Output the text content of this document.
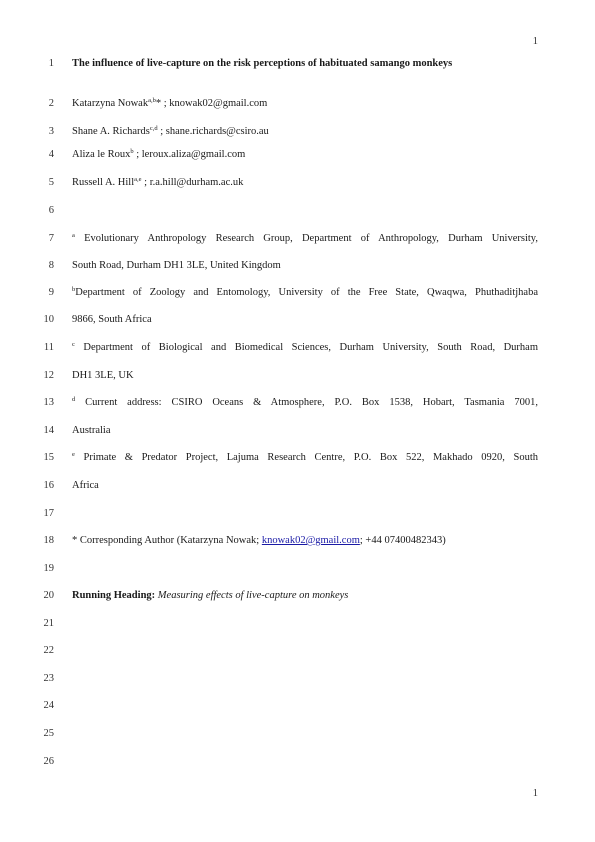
1
1
2
3
4
5
6
7
8
9
10
11
12
13
14
15
16
17
18
19
20
21
22
23
24
25
26
The influence of live-capture on the risk perceptions of habituated samango monkeys
Katarzyna Nowak$^{a,b}$* ; knowak02@gmail.com
Shane A. Richards$^{c,d}$ ; shane.richards@csiro.au
Aliza le Roux$^b$ ; leroux.aliza@gmail.com
Russell A. Hill$^{a,e}$ ; r.a.hill@durham.ac.uk
$^a$ Evolutionary Anthropology Research Group, Department of Anthropology, Durham University,
South Road, Durham DH1 3LE, United Kingdom
$^b$Department of Zoology and Entomology, University of the Free State, Qwaqwa, Phuthaditjhaba
9866, South Africa
$^c$ Department of Biological and Biomedical Sciences, Durham University, South Road, Durham
DH1 3LE, UK
$^d$ Current address: CSIRO Oceans & Atmosphere, P.O. Box 1538, Hobart, Tasmania 7001,
Australia
$^e$ Primate & Predator Project, Lajuma Research Centre, P.O. Box 522, Makhado 0920, South
Africa
* Corresponding Author (Katarzyna Nowak; knowak02@gmail.com; +44 07400482343)
Running Heading: Measuring effects of live-capture on monkeys
1
